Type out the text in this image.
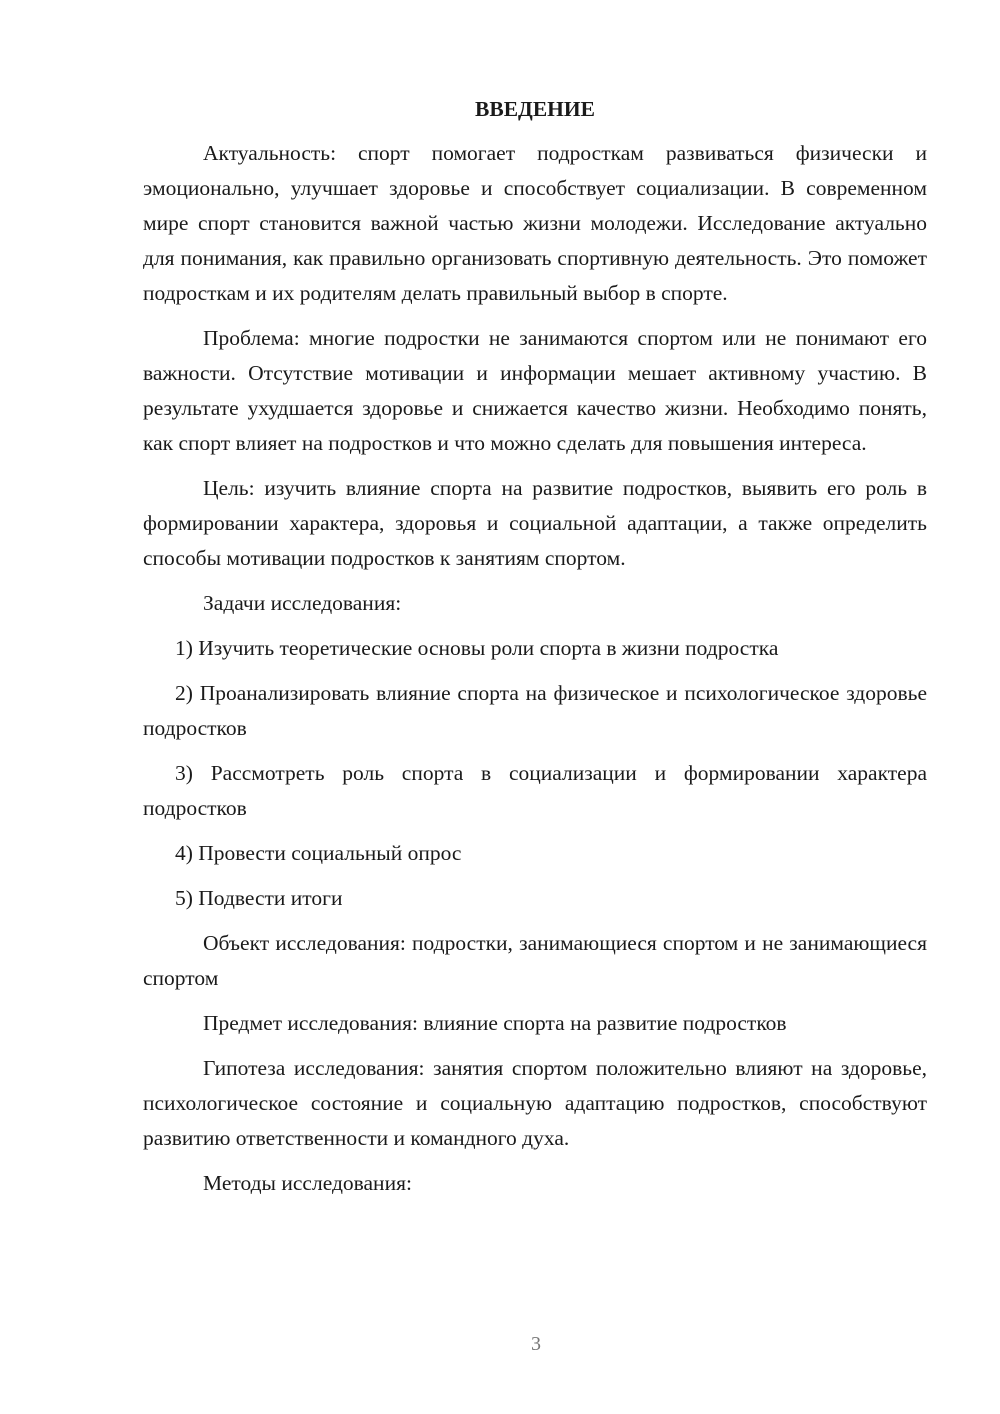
ВВЕДЕНИЕ

Актуальность: спорт помогает подросткам развиваться физически и эмоционально, улучшает здоровье и способствует социализации. В современном мире спорт становится важной частью жизни молодежи. Исследование актуально для понимания, как правильно организовать спортивную деятельность. Это поможет подросткам и их родителям делать правильный выбор в спорте.

Проблема: многие подростки не занимаются спортом или не понимают его важности. Отсутствие мотивации и информации мешает активному участию. В результате ухудшается здоровье и снижается качество жизни. Необходимо понять, как спорт влияет на подростков и что можно сделать для повышения интереса.

Цель: изучить влияние спорта на развитие подростков, выявить его роль в формировании характера, здоровья и социальной адаптации, а также определить способы мотивации подростков к занятиям спортом.

Задачи исследования:

1) Изучить теоретические основы роли спорта в жизни подростка

2) Проанализировать влияние спорта на физическое и психологическое здоровье подростков

3) Рассмотреть роль спорта в социализации и формировании характера подростков

4) Провести социальный опрос

5) Подвести итоги

Объект исследования: подростки, занимающиеся спортом и не занимающиеся спортом

Предмет исследования: влияние спорта на развитие подростков

Гипотеза исследования: занятия спортом положительно влияют на здоровье, психологическое состояние и социальную адаптацию подростков, способствуют развитию ответственности и командного духа.

Методы исследования:

3
